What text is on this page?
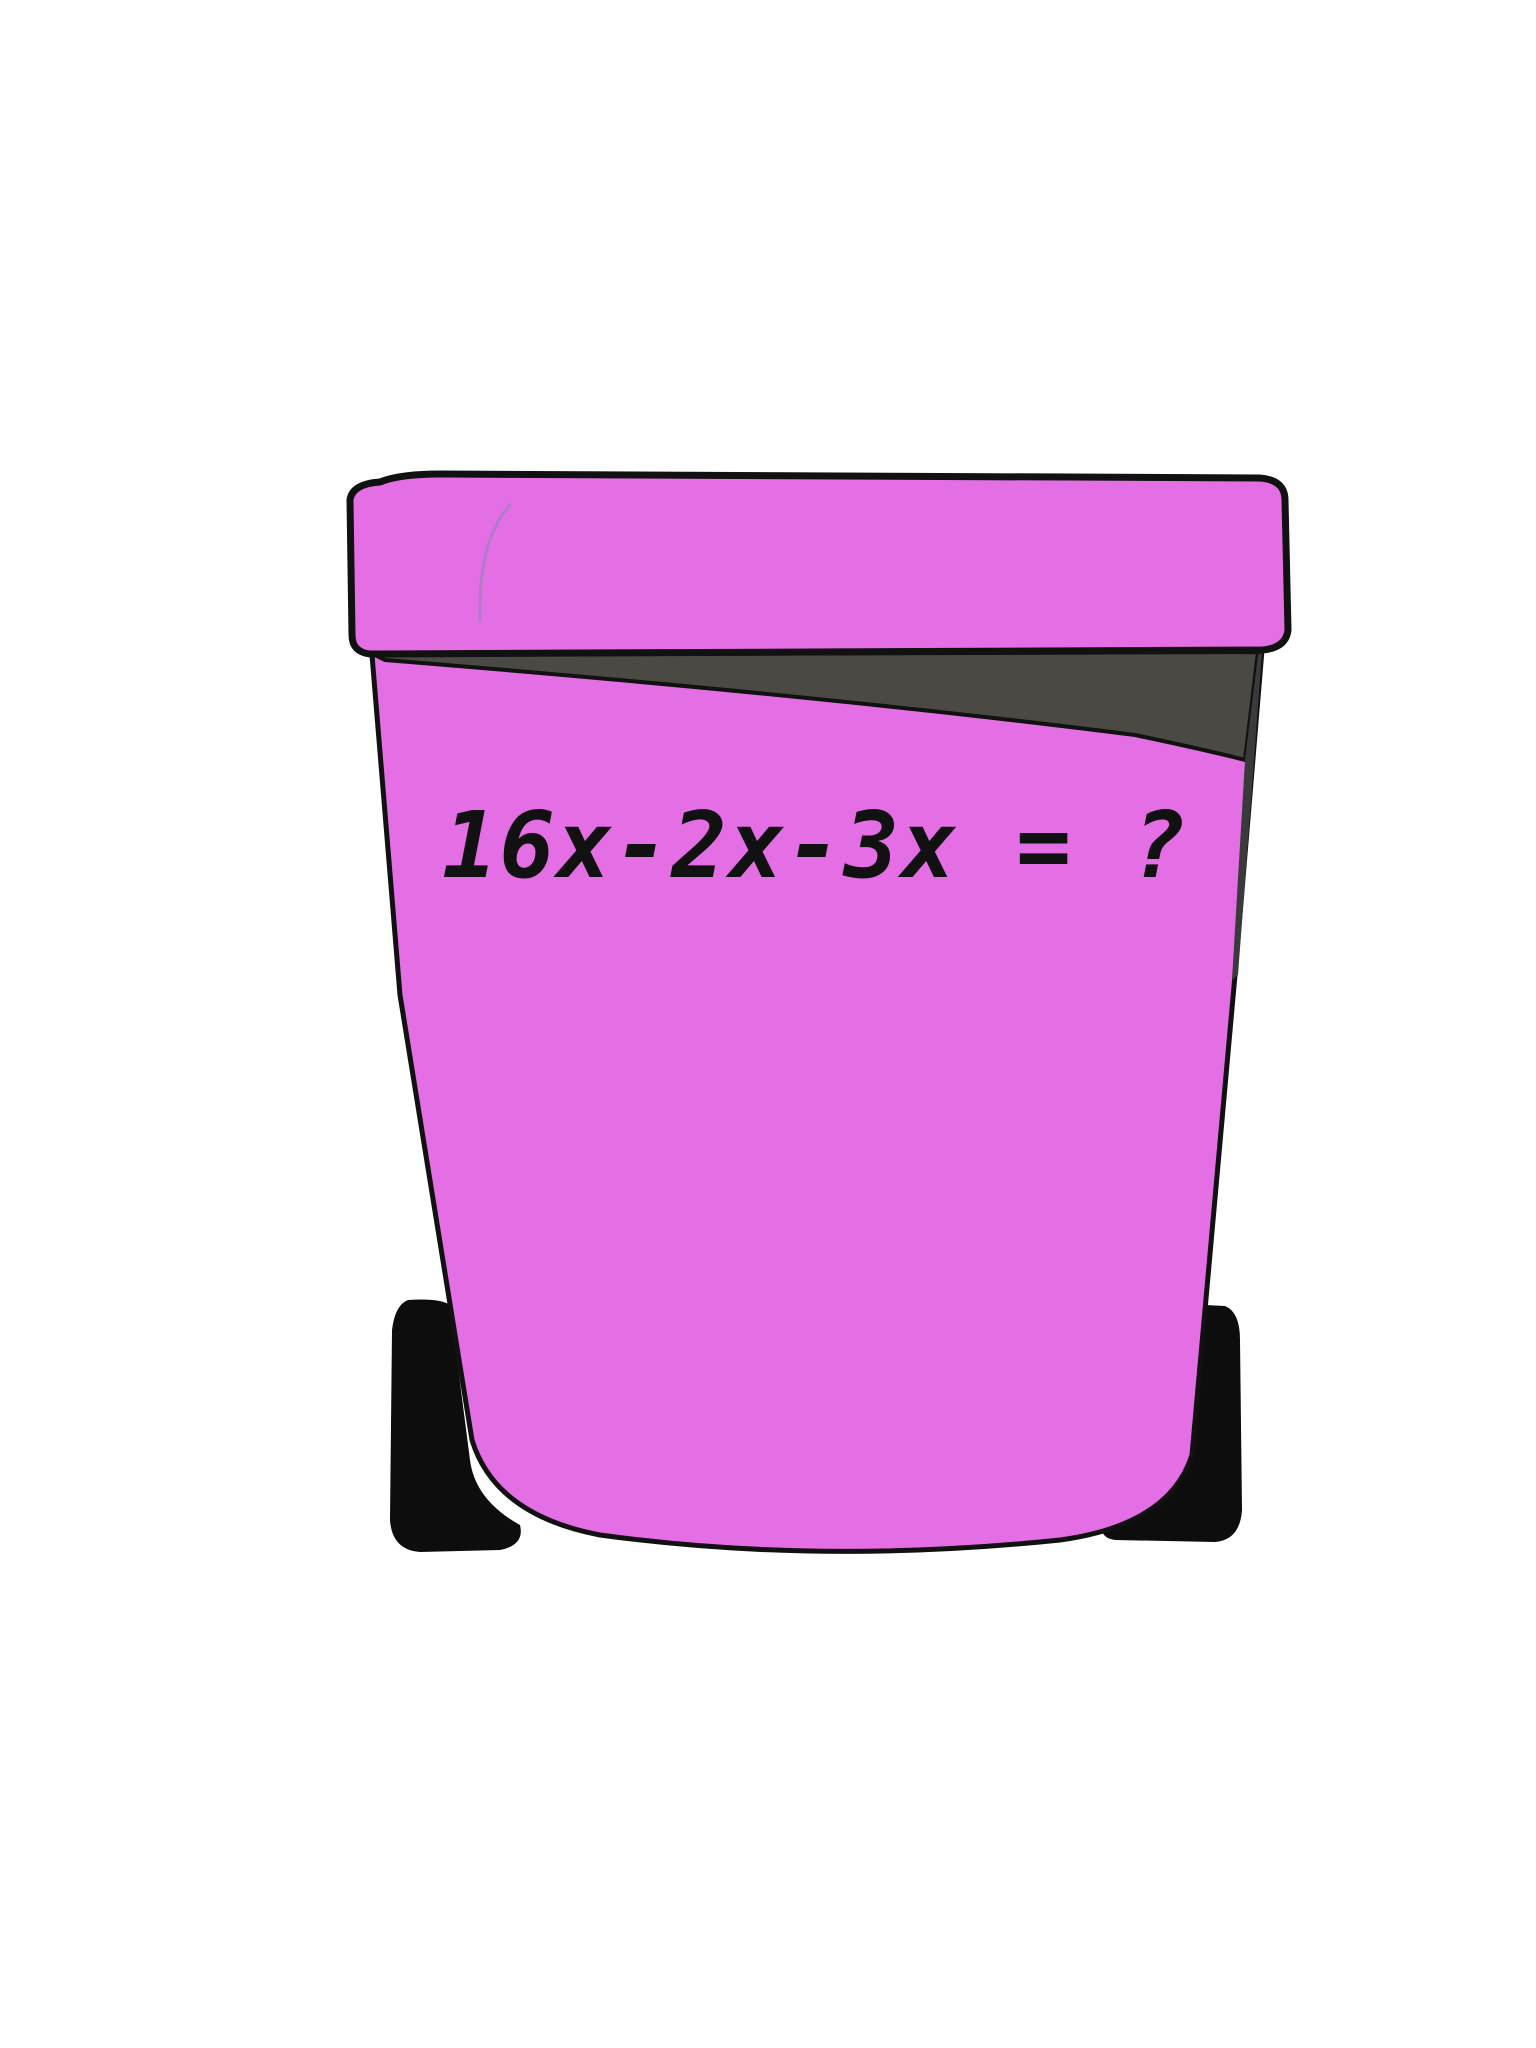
16x-2x-3x = ?
